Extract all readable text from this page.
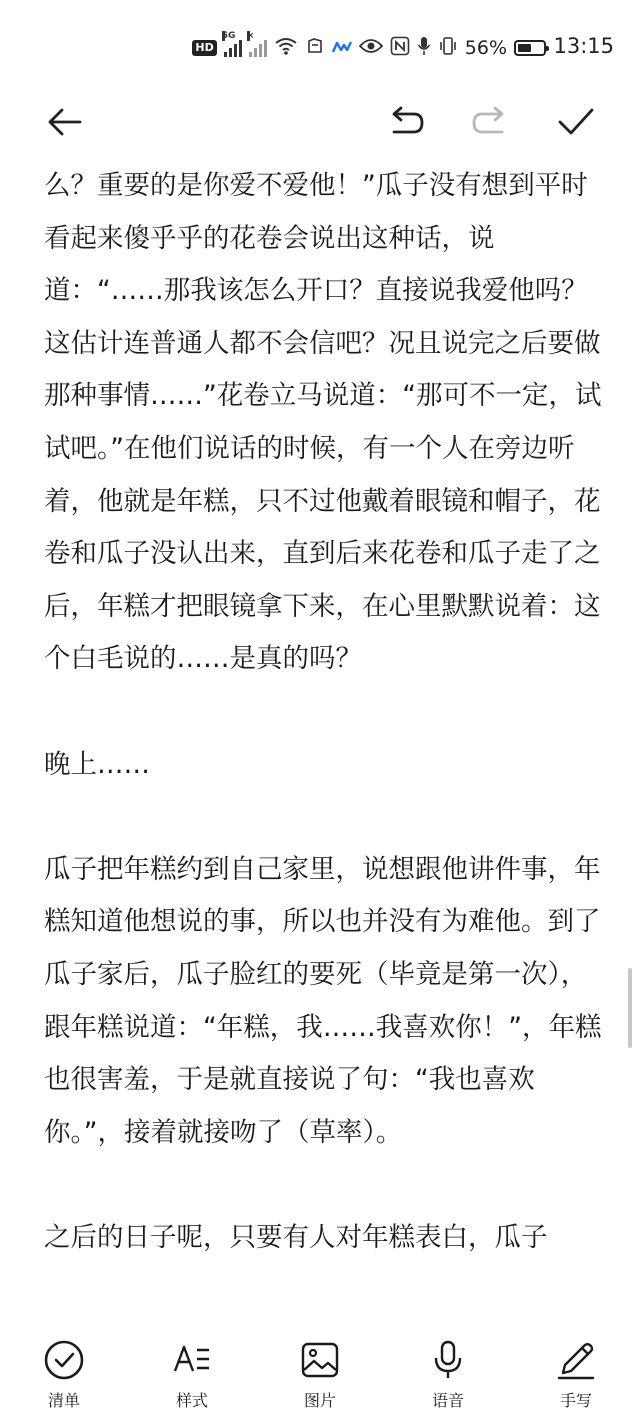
HD
5G ×
56% 13:15

么？重要的是你爱不爱他！”瓜子没有想到平时看起来傻乎乎的花卷会说出这种话，说道：“……那我该怎么开口？直接说我爱他吗？这估计连普通人都不会信吧？况且说完之后要做那种事情……”花卷立马说道：“那可不一定，试试吧。”在他们说话的时候，有一个人在旁边听着，他就是年糕，只不过他戴着眼镜和帽子，花卷和瓜子没认出来，直到后来花卷和瓜子走了之后，年糕才把眼镜拿下来，在心里默默说着：这个白毛说的……是真的吗？

晚上……

瓜子把年糕约到自己家里，说想跟他讲件事，年糕知道他想说的事，所以也并没有为难他。到了瓜子家后，瓜子脸红的要死（毕竟是第一次），跟年糕说道：“年糕，我……我喜欢你！”，年糕也很害羞，于是就直接说了句：“我也喜欢你。”，接着就接吻了（草率）。

之后的日子呢，只要有人对年糕表白，瓜子

清单	样式	图片	语音	手写
